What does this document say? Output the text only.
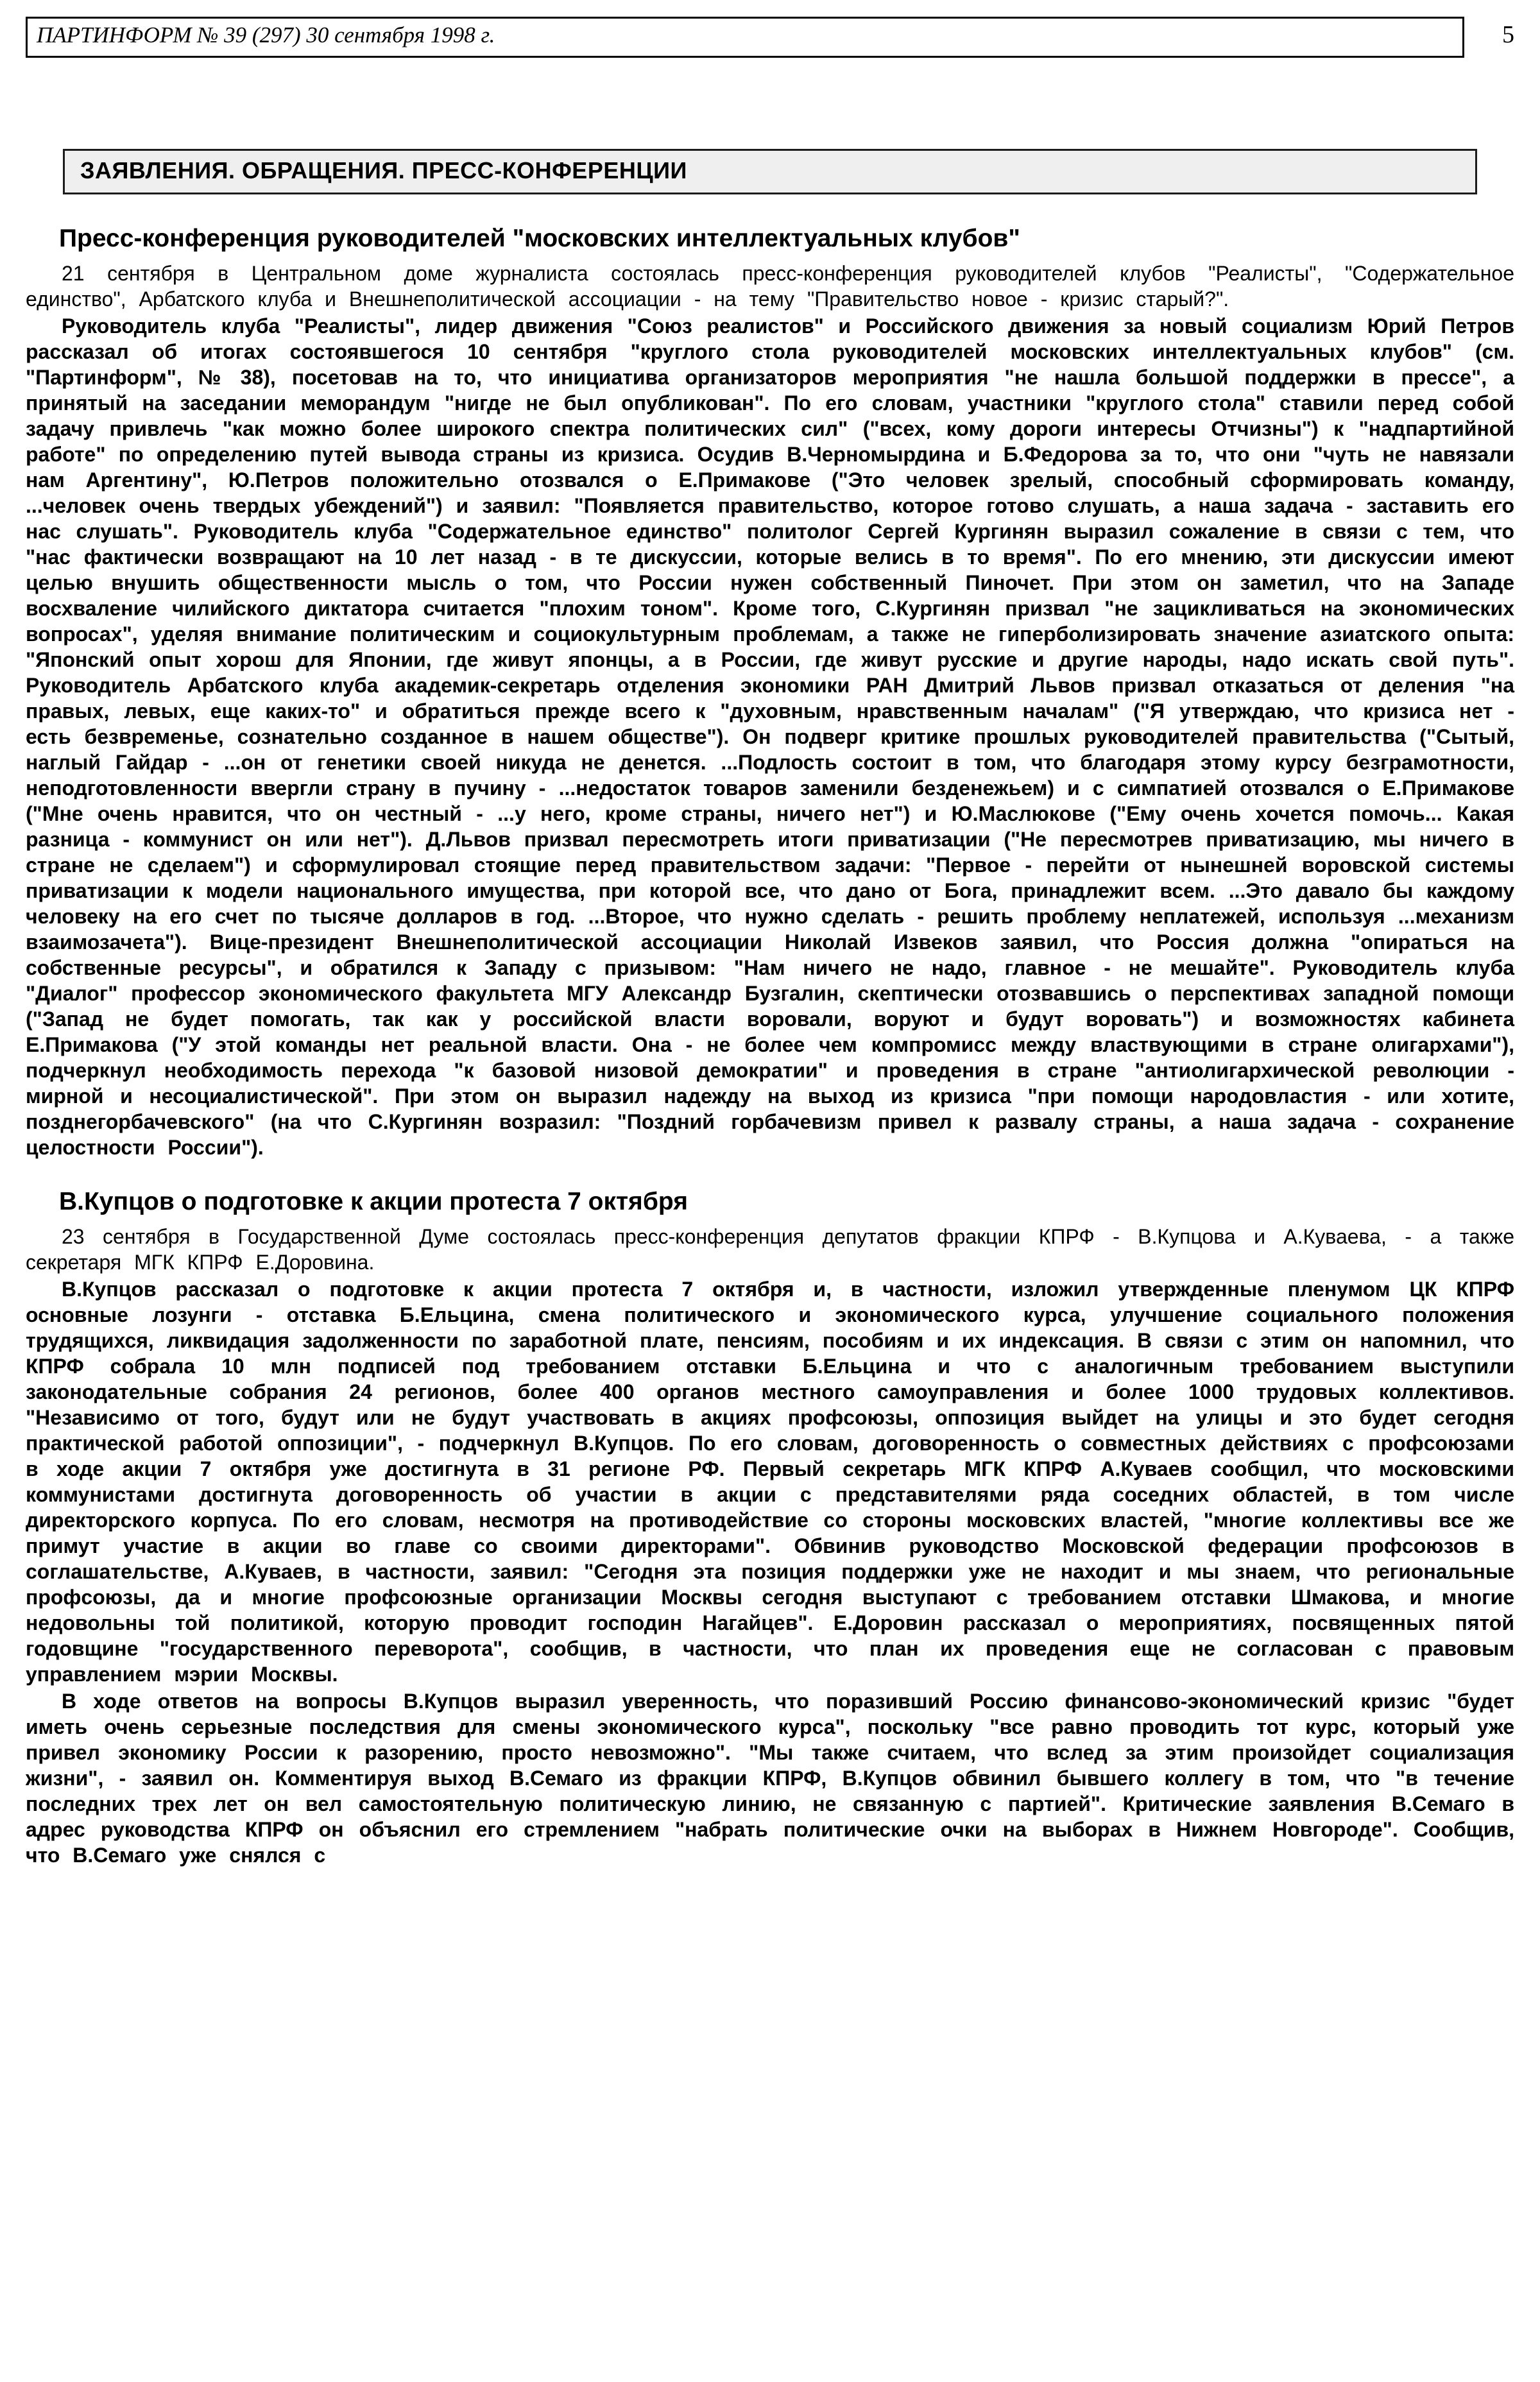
ПАРТИНФОРМ № 39 (297) 30 сентября 1998 г.	5
ЗАЯВЛЕНИЯ. ОБРАЩЕНИЯ. ПРЕСС-КОНФЕРЕНЦИИ
Пресс-конференция руководителей "московских интеллектуальных клубов"

21 сентября в Центральном доме журналиста состоялась пресс-конференция руководителей клубов "Реалисты", "Содержательное единство", Арбатского клуба и Внешнеполитической ассоциации - на тему "Правительство новое - кризис старый?".

Руководитель клуба "Реалисты", лидер движения "Союз реалистов" и Российского движения за новый социализм Юрий Петров рассказал об итогах состоявшегося 10 сентября "круглого стола руководителей московских интеллектуальных клубов" (см. "Партинформ", № 38), посетовав на то, что инициатива организаторов мероприятия "не нашла большой поддержки в прессе", а принятый на заседании меморандум "нигде не был опубликован". По его словам, участники "круглого стола" ставили перед собой задачу привлечь "как можно более широкого спектра политических сил" ("всех, кому дороги интересы Отчизны") к "надпартийной работе" по определению путей вывода страны из кризиса. Осудив В.Черномырдина и Б.Федорова за то, что они "чуть не навязали нам Аргентину", Ю.Петров положительно отозвался о Е.Примакове ("Это человек зрелый, способный сформировать команду, ...человек очень твердых убеждений") и заявил: "Появляется правительство, которое готово слушать, а наша задача - заставить его нас слушать". Руководитель клуба "Содержательное единство" политолог Сергей Кургинян выразил сожаление в связи с тем, что "нас фактически возвращают на 10 лет назад - в те дискуссии, которые велись в то время". По его мнению, эти дискуссии имеют целью внушить общественности мысль о том, что России нужен собственный Пиночет. При этом он заметил, что на Западе восхваление чилийского диктатора считается "плохим тоном". Кроме того, С.Кургинян призвал "не зацикливаться на экономических вопросах", уделяя внимание политическим и социокультурным проблемам, а также не гиперболизировать значение азиатского опыта: "Японский опыт хорош для Японии, где живут японцы, а в России, где живут русские и другие народы, надо искать свой путь". Руководитель Арбатского клуба академик-секретарь отделения экономики РАН Дмитрий Львов призвал отказаться от деления "на правых, левых, еще каких-то" и обратиться прежде всего к "духовным, нравственным началам" ("Я утверждаю, что кризиса нет - есть безвременье, сознательно созданное в нашем обществе"). Он подверг критике прошлых руководителей правительства ("Сытый, наглый Гайдар - ...он от генетики своей никуда не денется. ...Подлость состоит в том, что благодаря этому курсу безграмотности, неподготовленности ввергли страну в пучину - ...недостаток товаров заменили безденежьем) и с симпатией отозвался о Е.Примакове ("Мне очень нравится, что он честный - ...у него, кроме страны, ничего нет") и Ю.Маслюкове ("Ему очень хочется помочь... Какая разница - коммунист он или нет"). Д.Львов призвал пересмотреть итоги приватизации ("Не пересмотрев приватизацию, мы ничего в стране не сделаем") и сформулировал стоящие перед правительством задачи: "Первое - перейти от нынешней воровской системы приватизации к модели национального имущества, при которой все, что дано от Бога, принадлежит всем. ...Это давало бы каждому человеку на его счет по тысяче долларов в год. ...Второе, что нужно сделать - решить проблему неплатежей, используя ...механизм взаимозачета"). Вице-президент Внешнеполитической ассоциации Николай Извеков заявил, что Россия должна "опираться на собственные ресурсы", и обратился к Западу с призывом: "Нам ничего не надо, главное - не мешайте". Руководитель клуба "Диалог" профессор экономического факультета МГУ Александр Бузгалин, скептически отозвавшись о перспективах западной помощи ("Запад не будет помогать, так как у российской власти воровали, воруют и будут воровать") и возможностях кабинета Е.Примакова ("У этой команды нет реальной власти. Она - не более чем компромисс между властвующими в стране олигархами"), подчеркнул необходимость перехода "к базовой низовой демократии" и проведения в стране "антиолигархической революции - мирной и несоциалистической". При этом он выразил надежду на выход из кризиса "при помощи народовластия - или хотите, позднегорбачевского" (на что С.Кургинян возразил: "Поздний горбачевизм привел к развалу страны, а наша задача - сохранение целостности России").

В.Купцов о подготовке к акции протеста 7 октября

23 сентября в Государственной Думе состоялась пресс-конференция депутатов фракции КПРФ - В.Купцова и А.Куваева, - а также секретаря МГК КПРФ Е.Доровина.

В.Купцов рассказал о подготовке к акции протеста 7 октября и, в частности, изложил утвержденные пленумом ЦК КПРФ основные лозунги - отставка Б.Ельцина, смена политического и экономического курса, улучшение социального положения трудящихся, ликвидация задолженности по заработной плате, пенсиям, пособиям и их индексация. В связи с этим он напомнил, что КПРФ собрала 10 млн подписей под требованием отставки Б.Ельцина и что с аналогичным требованием выступили законодательные собрания 24 регионов, более 400 органов местного самоуправления и более 1000 трудовых коллективов. "Независимо от того, будут или не будут участвовать в акциях профсоюзы, оппозиция выйдет на улицы и это будет сегодня практической работой оппозиции", - подчеркнул В.Купцов. По его словам, договоренность о совместных действиях с профсоюзами в ходе акции 7 октября уже достигнута в 31 регионе РФ. Первый секретарь МГК КПРФ А.Куваев сообщил, что московскими коммунистами достигнута договоренность об участии в акции с представителями ряда соседних областей, в том числе директорского корпуса. По его словам, несмотря на противодействие со стороны московских властей, "многие коллективы все же примут участие в акции во главе со своими директорами". Обвинив руководство Московской федерации профсоюзов в соглашательстве, А.Куваев, в частности, заявил: "Сегодня эта позиция поддержки уже не находит и мы знаем, что региональные профсоюзы, да и многие профсоюзные организации Москвы сегодня выступают с требованием отставки Шмакова, и многие недовольны той политикой, которую проводит господин Нагайцев". Е.Доровин рассказал о мероприятиях, посвященных пятой годовщине "государственного переворота", сообщив, в частности, что план их проведения еще не согласован с правовым управлением мэрии Москвы.

В ходе ответов на вопросы В.Купцов выразил уверенность, что поразивший Россию финансово-экономический кризис "будет иметь очень серьезные последствия для смены экономического курса", поскольку "все равно проводить тот курс, который уже привел экономику России к разорению, просто невозможно". "Мы также считаем, что вслед за этим произойдет социализация жизни", - заявил он. Комментируя выход В.Семаго из фракции КПРФ, В.Купцов обвинил бывшего коллегу в том, что "в течение последних трех лет он вел самостоятельную политическую линию, не связанную с партией". Критические заявления В.Семаго в адрес руководства КПРФ он объяснил его стремлением "набрать политические очки на выборах в Нижнем Новгороде". Сообщив, что В.Семаго уже снялся с
